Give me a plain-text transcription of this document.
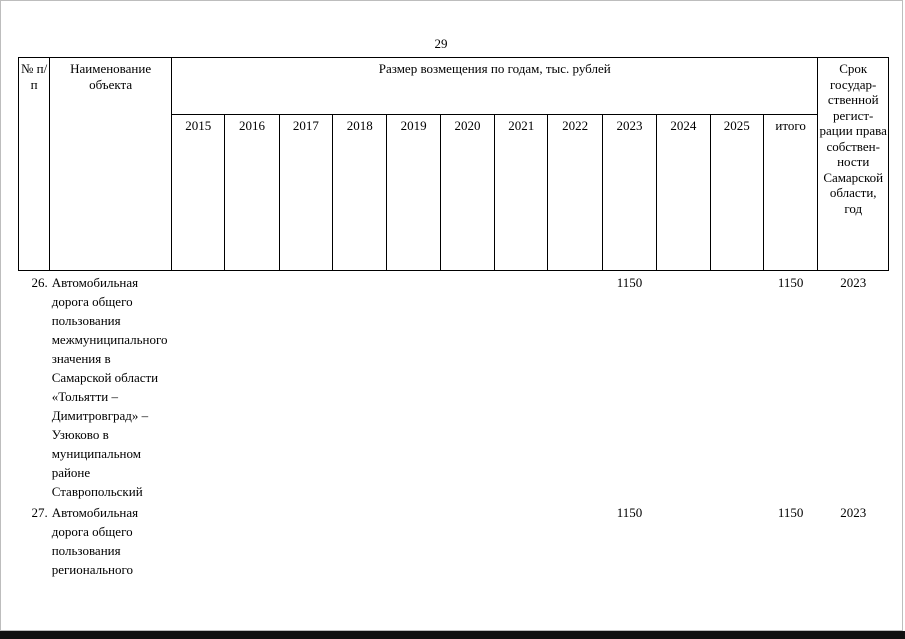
29
№ п/п	Наименование объекта	Размер возмещения по годам, тыс. рублей												Срок государственной регистрации права собственности Самарской области, год
		2015	2016	2017	2018	2019	2020	2021	2022	2023	2024	2025	итого	
26.	Автомобильная дорога общего пользования межмуниципального значения в Самарской области «Тольятти – Димитровград» – Узюково в муниципальном районе Ставропольский									1150			1150	2023
27.	Автомобильная дорога общего пользования регионального									1150			1150	2023
